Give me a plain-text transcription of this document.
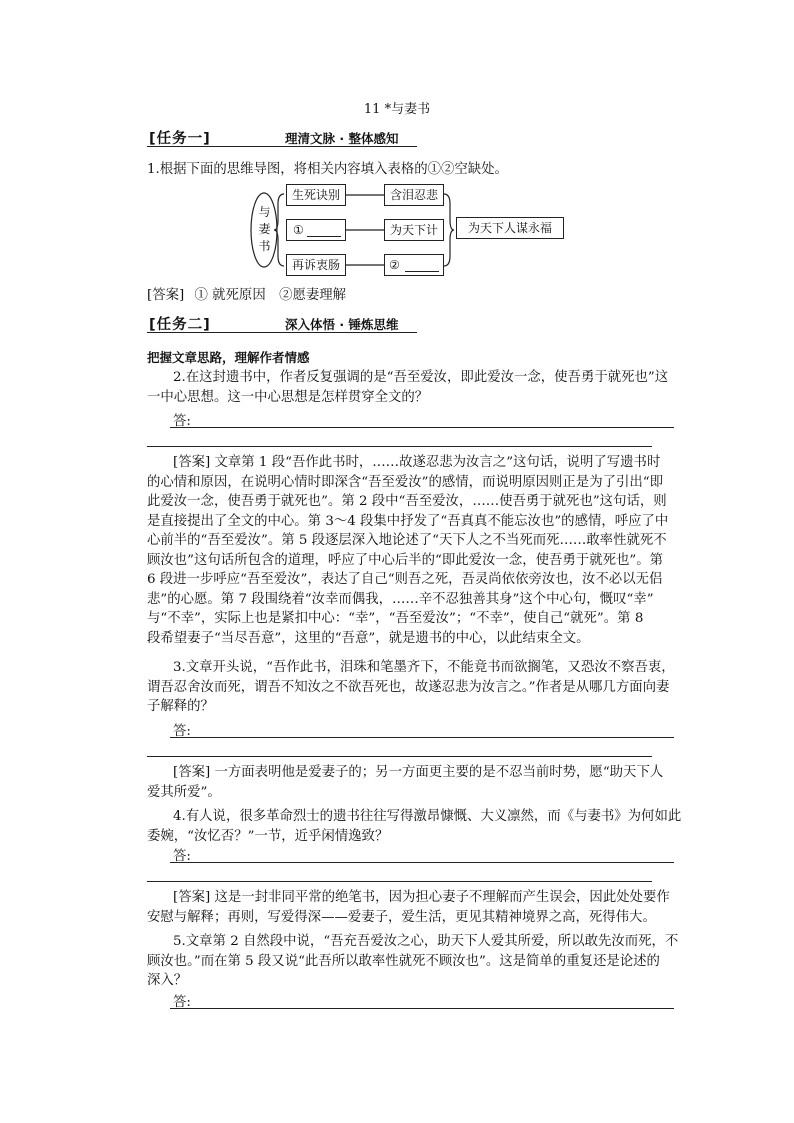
11 *与妻书
[任务一]	理清文脉 · 整体感知
1.根据下面的思维导图，将相关内容填入表格的①②空缺处。
与
妻
书
生死诀别
①
再诉衷肠
含泪忍悲
为天下计
②
为天下人谋永福
[答案] ① 就死原因　②愿妻理解
[任务二]	深入体悟 · 锤炼思维
把握文章思路，理解作者情感
2.在这封遗书中，作者反复强调的是“吾至爱汝，即此爱汝一念，使吾勇于就死也”这
一中心思想。这一中心思想是怎样贯穿全文的？
答:
[答案] 文章第 1 段“吾作此书时，……故遂忍悲为汝言之”这句话，说明了写遗书时
的心情和原因，在说明心情时即深含“吾至爱汝”的感情，而说明原因则正是为了引出“即
此爱汝一念，使吾勇于就死也”。第 2 段中“吾至爱汝，……使吾勇于就死也”这句话，则
是直接提出了全文的中心。第 3～4 段集中抒发了“吾真真不能忘汝也”的感情，呼应了中
心前半的“吾至爱汝”。第 5 段逐层深入地论述了“天下人之不当死而死……敢率性就死不
顾汝也”这句话所包含的道理，呼应了中心后半的“即此爱汝一念，使吾勇于就死也”。第
6 段进一步呼应“吾至爱汝”，表达了自己“则吾之死，吾灵尚依依旁汝也，汝不必以无侣
悲”的心愿。第 7 段围绕着“汝幸而偶我，……辛不忍独善其身”这个中心句，慨叹“幸”
与“不幸”，实际上也是紧扣中心：“幸”，“吾至爱汝”；“不幸”，使自己“就死”。第 8
段希望妻子“当尽吾意”，这里的“吾意”，就是遗书的中心，以此结束全文。
3.文章开头说，“吾作此书，泪珠和笔墨齐下，不能竟书而欲搁笔，又恐汝不察吾衷，
谓吾忍舍汝而死，谓吾不知汝之不欲吾死也，故遂忍悲为汝言之。”作者是从哪几方面向妻
子解释的？
答:
[答案] 一方面表明他是爱妻子的；另一方面更主要的是不忍当前时势，愿“助天下人
爱其所爱”。
4.有人说，很多革命烈士的遗书往往写得激昂慷慨、大义凛然，而《与妻书》为何如此
委婉，“汝忆否？”一节，近乎闲情逸致？
答:
[答案] 这是一封非同平常的绝笔书，因为担心妻子不理解而产生误会，因此处处要作
安慰与解释；再则，写爱得深——爱妻子，爱生活，更见其精神境界之高，死得伟大。
5.文章第 2 自然段中说，“吾充吾爱汝之心，助天下人爱其所爱，所以敢先汝而死，不
顾汝也。”而在第 5 段又说“此吾所以敢率性就死不顾汝也”。这是简单的重复还是论述的
深入？
答:
